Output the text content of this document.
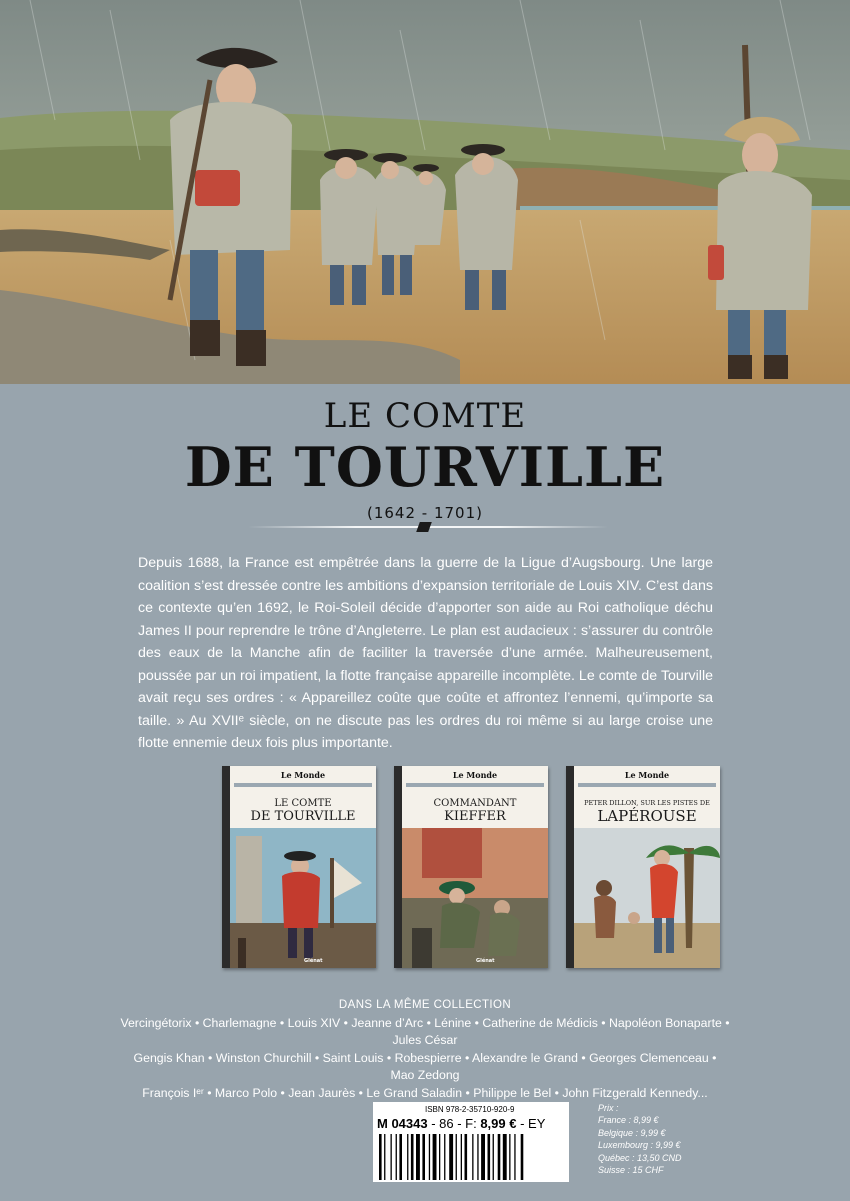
LE COMTE
DE TOURVILLE
(1642 - 1701)
Depuis 1688, la France est empêtrée dans la guerre de la Ligue d’Augsbourg. Une large coalition s’est dressée contre les ambitions d’expansion territoriale de Louis XIV. C’est dans ce contexte qu’en 1692, le Roi-Soleil décide d’apporter son aide au Roi catholique déchu James II pour reprendre le trône d’Angleterre. Le plan est audacieux : s’assurer du contrôle des eaux de la Manche afin de faciliter la traversée d’une armée. Malheureusement, poussée par un roi impatient, la flotte française appareille incomplète. Le comte de Tourville avait reçu ses ordres : « Appareillez coûte que coûte et affrontez l’ennemi, qu’importe sa taille. » Au XVIIᵉ siècle, on ne discute pas les ordres du roi même si au large croise une flotte ennemie deux fois plus importante.
Le Monde
LE COMTE
DE TOURVILLE
Glénat
Le Monde
COMMANDANT
KIEFFER
Glénat
Le Monde
PETER DILLON, SUR LES PISTES DE
LAPÉROUSE
DANS LA MÊME COLLECTION
Vercingétorix • Charlemagne • Louis XIV • Jeanne d’Arc • Lénine • Catherine de Médicis • Napoléon Bonaparte • Jules César
Gengis Khan • Winston Churchill • Saint Louis • Robespierre • Alexandre le Grand • Georges Clemenceau • Mao Zedong
François Iᵉʳ • Marco Polo • Jean Jaurès • Le Grand Saladin • Philippe le Bel • John Fitzgerald Kennedy...
ISBN 978-2-35710-920-9
M 04343 - 86 - F: 8,99 € - EY
Prix :
France : 8,99 €
Belgique : 9,99 €
Luxembourg : 9,99 €
Québec : 13,50 CND
Suisse : 15 CHF
